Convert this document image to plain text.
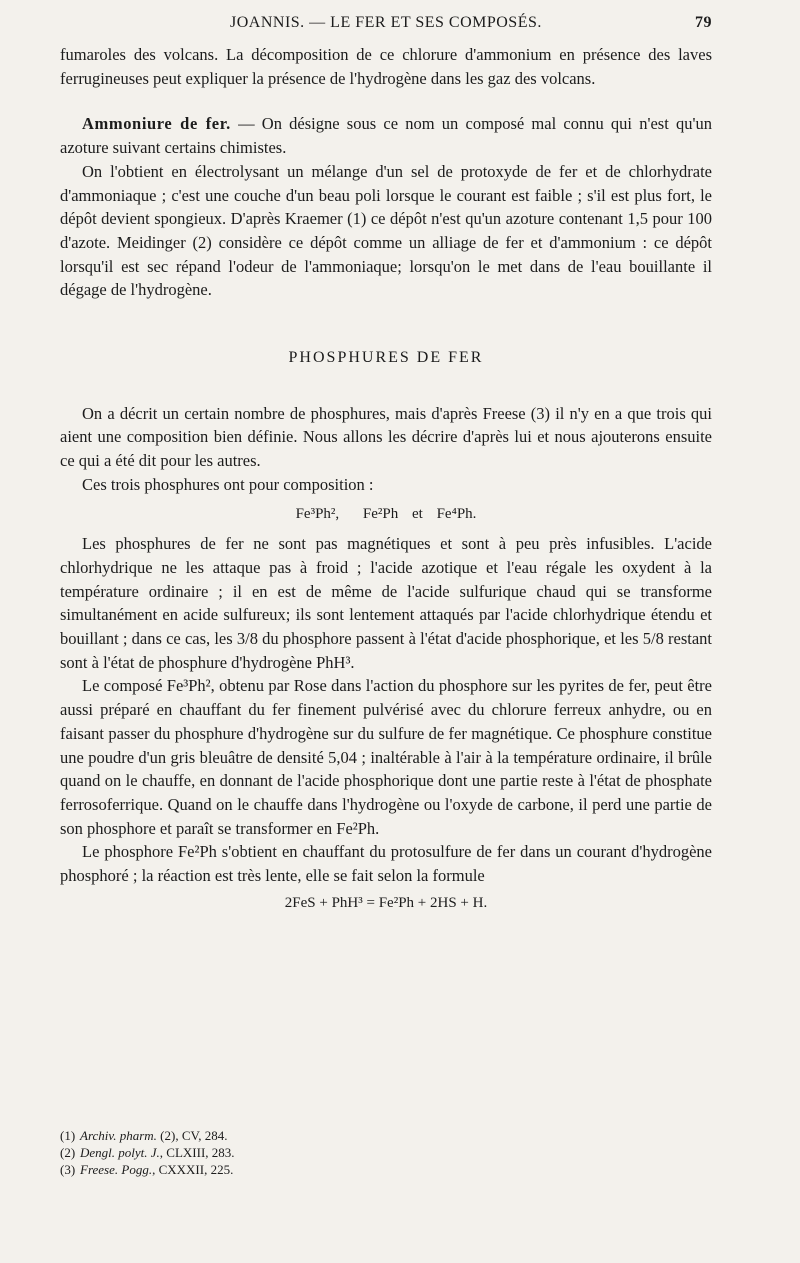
JOANNIS. — LE FER ET SES COMPOSÉS.	79

fumaroles des volcans. La décomposition de ce chlorure d'ammonium en présence des laves ferrugineuses peut expliquer la présence de l'hydrogène dans les gaz des volcans.

Ammoniure de fer. — On désigne sous ce nom un composé mal connu qui n'est qu'un azoture suivant certains chimistes.

On l'obtient en électrolysant un mélange d'un sel de protoxyde de fer et de chlorhydrate d'ammoniaque ; c'est une couche d'un beau poli lorsque le courant est faible ; s'il est plus fort, le dépôt devient spongieux. D'après Kraemer (1) ce dépôt n'est qu'un azoture contenant 1,5 pour 100 d'azote. Meidinger (2) considère ce dépôt comme un alliage de fer et d'ammonium : ce dépôt lorsqu'il est sec répand l'odeur de l'ammoniaque; lorsqu'on le met dans de l'eau bouillante il dégage de l'hydrogène.

PHOSPHURES DE FER

On a décrit un certain nombre de phosphures, mais d'après Freese (3) il n'y en a que trois qui aient une composition bien définie. Nous allons les décrire d'après lui et nous ajouterons ensuite ce qui a été dit pour les autres.

Ces trois phosphures ont pour composition :

Fe³Ph², Fe²Ph et Fe⁴Ph.

Les phosphures de fer ne sont pas magnétiques et sont à peu près infusibles. L'acide chlorhydrique ne les attaque pas à froid ; l'acide azotique et l'eau régale les oxydent à la température ordinaire ; il en est de même de l'acide sulfurique chaud qui se transforme simultanément en acide sulfureux; ils sont lentement attaqués par l'acide chlorhydrique étendu et bouillant ; dans ce cas, les 3/8 du phosphore passent à l'état d'acide phosphorique, et les 5/8 restant sont à l'état de phosphure d'hydrogène PhH³.

Le composé Fe³Ph², obtenu par Rose dans l'action du phosphore sur les pyrites de fer, peut être aussi préparé en chauffant du fer finement pulvérisé avec du chlorure ferreux anhydre, ou en faisant passer du phosphure d'hydrogène sur du sulfure de fer magnétique. Ce phosphure constitue une poudre d'un gris bleuâtre de densité 5,04 ; inaltérable à l'air à la température ordinaire, il brûle quand on le chauffe, en donnant de l'acide phosphorique dont une partie reste à l'état de phosphate ferrosoferrique. Quand on le chauffe dans l'hydrogène ou l'oxyde de carbone, il perd une partie de son phosphore et paraît se transformer en Fe²Ph.

Le phosphore Fe²Ph s'obtient en chauffant du protosulfure de fer dans un courant d'hydrogène phosphoré ; la réaction est très lente, elle se fait selon la formule

2FeS + PhH³ = Fe²Ph + 2HS + H.
(1) Archiv. pharm. (2), CV, 284.
(2) Dengl. polyt. J., CLXIII, 283.
(3) Freese. Pogg., CXXXII, 225.
